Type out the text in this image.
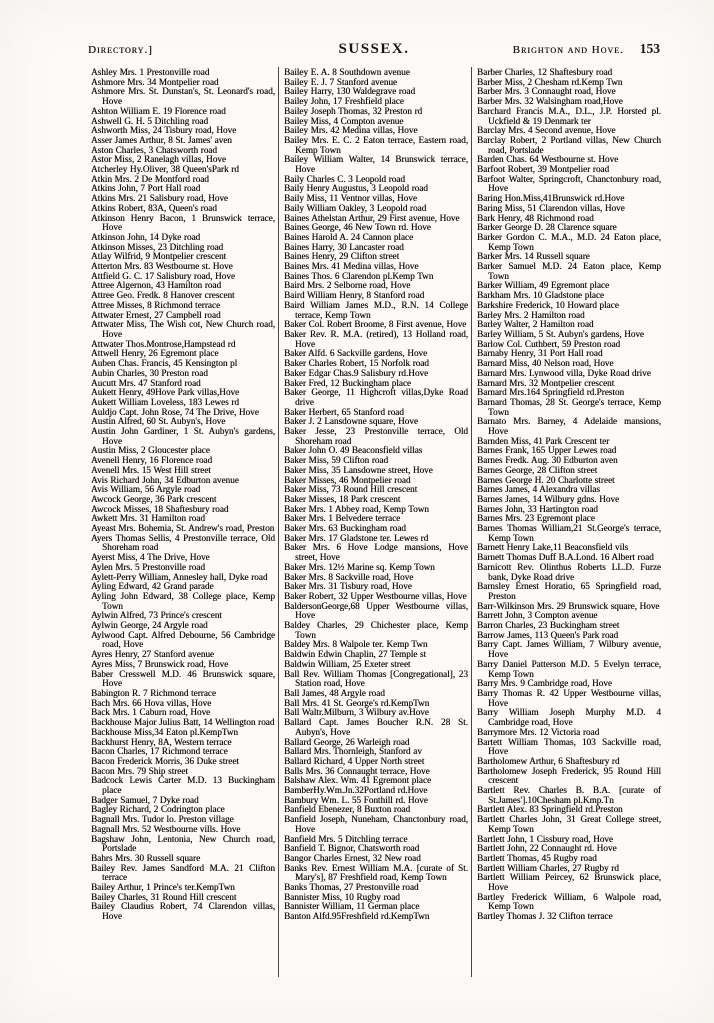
Directory.]	SUSSEX.	Brighton and Hove. 153
Ashley Mrs. 1 Prestonville road
Ashmore Mrs. 34 Montpelier road
Ashmore Mrs. St. Dunstan's, St. Leonard's road, Hove
Ashton William E. 19 Florence road
Ashwell G. H. 5 Ditchling road
Ashworth Miss, 24 Tisbury road, Hove
Asser James Arthur, 8 St. James' aven
Aston Charles, 3 Chatsworth road
Astor Miss, 2 Ranelagh villas, Hove
Atcherley Hy.Oliver, 38 Queen'sPark rd
Atkin Mrs. 2 De Montford road
Atkins John, 7 Port Hall road
Atkins Mrs. 21 Salisbury road, Hove
Atkins Robert, 83A, Queen's road
Atkinson Henry Bacon, 1 Brunswick terrace, Hove
Atkinson John, 14 Dyke road
Atkinson Misses, 23 Ditchling road
Atlay Wilfrid, 9 Montpelier crescent
Atterton Mrs. 83 Westbourne st. Hove
Attfield G. C. 17 Salisbury road, Hove
Attree Algernon, 43 Hamilton road
Attree Geo. Fredk. 8 Hanover crescent
Attree Misses, 8 Richmond terrace
Attwater Ernest, 27 Campbell road
Attwater Miss, The Wish cot, New Church road, Hove
Attwater Thos.Montrose,Hampstead rd
Attwell Henry, 26 Egremont place
Auben Chas. Francis, 45 Kensington pl
Aubin Charles, 30 Preston road
Aucutt Mrs. 47 Stanford road
Aukett Henry, 49Hove Park villas,Hove
Aukett William Loveless, 183 Lewes rd
Auldjo Capt. John Rose, 74 The Drive, Hove
Austin Alfred, 60 St. Aubyn's, Hove
Austin John Gardiner, 1 St. Aubyn's gardens, Hove
Austin Miss, 2 Gloucester place
Avenell Henry, 16 Florence road
Avenell Mrs. 15 West Hill street
Avis Richard John, 34 Edburton avenue
Avis William, 56 Argyle road
Awcock George, 36 Park crescent
Awcock Misses, 18 Shaftesbury road
Awkett Mrs. 31 Hamilton road
Ayeast Mrs. Bohemia, St. Andrew's road, Preston
Ayers Thomas Sellis, 4 Prestonville terrace, Old Shoreham road
Ayerst Miss, 4 The Drive, Hove
Aylen Mrs. 5 Prestonville road
Aylett-Perry William, Annesley hall, Dyke road
Ayling Edward, 42 Grand parade
Ayling John Edward, 38 College place, Kemp Town
Aylwin Alfred, 73 Prince's crescent
Aylwin George, 24 Argyle road
Aylwood Capt. Alfred Debourne, 56 Cambridge road, Hove
Ayres Henry, 27 Stanford avenue
Ayres Miss, 7 Brunswick road, Hove
Baber Cresswell M.D. 46 Brunswick square, Hove
Babington R. 7 Richmond terrace
Bach Mrs. 66 Hova villas, Hove
Back Mrs. 1 Caburn road, Hove
Backhouse Major Julius Batt, 14 Wellington road
Backhouse Miss,34 Eaton pl.KempTwn
Backhurst Henry, 8A, Western terrace
Bacon Charles, 17 Richmond terrace
Bacon Frederick Morris, 36 Duke street
Bacon Mrs. 79 Ship street
Badcock Lewis Carter M.D. 13 Buckingham place
Badger Samuel, 7 Dyke road
Bagley Richard, 2 Codrington place
Bagnall Mrs. Tudor lo. Preston village
Bagnall Mrs. 52 Westbourne vills. Hove
Bagshaw John, Lentonia, New Church road, Portslade
Bahrs Mrs. 30 Russell square
Bailey Rev. James Sandford M.A. 21 Clifton terrace
Bailey Arthur, 1 Prince's ter.KempTwn
Bailey Charles, 31 Round Hill crescent
Bailey Claudius Robert, 74 Clarendon villas, Hove
Bailey E. A. 8 Southdown avenue
Bailey E. J. 7 Stanford avenue
Bailey Harry, 130 Waldegrave road
Bailey John, 17 Freshfield place
Bailey Joseph Thomas, 32 Preston rd
Bailey Miss, 4 Compton avenue
Bailey Mrs. 42 Medina villas, Hove
Bailey Mrs. E. C. 2 Eaton terrace, Eastern road, Kemp Town
Bailey William Walter, 14 Brunswick terrace, Hove
Baily Charles C. 3 Leopold road
Baily Henry Augustus, 3 Leopold road
Baily Miss, 11 Ventnor villas, Hove
Baily William Oakley, 3 Leopold road
Baines Athelstan Arthur, 29 First avenue, Hove
Baines George, 46 New Town rd. Hove
Baines Harold A. 24 Cannon place
Baines Harry, 30 Lancaster road
Baines Henry, 29 Clifton street
Baines Mrs. 41 Medina villas, Hove
Baines Thos. 6 Clarendon pl.Kemp Twn
Baird Mrs. 2 Selborne road, Hove
Baird William Henry, 8 Stanford road
Baird William James M.D., R.N. 14 College terrace, Kemp Town
Baker Col. Robert Broome, 8 First avenue, Hove
Baker Rev. R. M.A. (retired), 13 Holland road, Hove
Baker Alfd. 6 Sackville gardens, Hove
Baker Charles Robert, 15 Norfolk road
Baker Edgar Chas.9 Salisbury rd.Hove
Baker Fred, 12 Buckingham place
Baker George, 11 Highcroft villas,Dyke Road drive
Baker Herbert, 65 Stanford road
Baker J. 2 Lansdowne square, Hove
Baker Jesse, 23 Prestonville terrace, Old Shoreham road
Baker John O. 49 Beaconsfield villas
Baker Miss, 59 Clifton road
Baker Miss, 35 Lansdowne street, Hove
Baker Misses, 46 Montpelier road
Baker Miss, 73 Round Hill crescent
Baker Misses, 18 Park crescent
Baker Mrs. 1 Abbey road, Kemp Town
Baker Mrs. 1 Belvedere terrace
Baker Mrs. 63 Buckingham road
Baker Mrs. 17 Gladstone ter. Lewes rd
Baker Mrs. 6 Hove Lodge mansions, Hove street, Hove
Baker Mrs. 12½ Marine sq. Kemp Town
Baker Mrs. 8 Sackville road, Hove
Baker Mrs. 31 Tisbury road, Hove
Baker Robert, 32 Upper Westbourne villas, Hove
BaldersonGeorge,68 Upper Westbourne villas, Hove
Baldey Charles, 29 Chichester place, Kemp Town
Baldey Mrs. 8 Walpole ter. Kemp Twn
Baldwin Edwin Chaplin, 27 Temple st
Baldwin William, 25 Exeter street
Ball Rev. William Thomas [Congregational], 23 Station road, Hove
Ball James, 48 Argyle road
Ball Mrs. 41 St. George's rd.KempTwn
Ball Waltr.Milburn, 3 Wilbury av.Hove
Ballard Capt. James Boucher R.N. 28 St. Aubyn's, Hove
Ballard George, 26 Warleigh road
Ballard Mrs. Thornleigh, Stanford av
Ballard Richard, 4 Upper North street
Balls Mrs. 36 Connaught terrace, Hove
Balshaw Alex. Wm. 41 Egremont place
BamberHy.Wm.Jn.32Portland rd.Hove
Bambury Wm. L. 55 Fonthill rd. Hove
Banfield Ebenezer, 8 Buxton road
Banfield Joseph, Nuneham, Chanctonbury road, Hove
Banfield Mrs. 5 Ditchling terrace
Banfield T. Bignor, Chatsworth road
Bangor Charles Ernest, 32 New road
Banks Rev. Ernest William M.A. [curate of St. Mary's], 87 Freshfield road, Kemp Town
Banks Thomas, 27 Prestonville road
Bannister Miss, 10 Rugby road
Bannister William, 11 German place
Banton Alfd.95Freshfield rd.KempTwn
Barber Charles, 12 Shaftesbury road
Barber Miss, 2 Chesham rd.Kemp Twn
Barber Mrs. 3 Connaught road, Hove
Barber Mrs. 32 Walsingham road,Hove
Barchard Francis M.A., D.L., J.P. Horsted pl. Uckfield & 19 Denmark ter
Barclay Mrs. 4 Second avenue, Hove
Barclay Robert, 2 Portland villas, New Church road, Portslade
Barden Chas. 64 Westbourne st. Hove
Barfoot Robert, 39 Montpelier road
Barfoot Walter, Springcroft, Chanctonbury road, Hove
Baring Hon.Miss,41Brunswick rd.Hove
Baring Miss, 51 Clarendon villas, Hove
Bark Henry, 48 Richmond road
Barker George D. 28 Clarence square
Barker Gordon C. M.A., M.D. 24 Eaton place, Kemp Town
Barker Mrs. 14 Russell square
Barker Samuel M.D. 24 Eaton place, Kemp Town
Barker William, 49 Egremont place
Barkham Mrs. 10 Gladstone place
Barkshire Frederick, 10 Howard place
Barley Mrs. 2 Hamilton road
Barley Walter, 2 Hamilton road
Barley William, 5 St. Aubyn's gardens, Hove
Barlow Col. Cuthbert, 59 Preston road
Barnaby Henry, 31 Port Hall road
Barnard Miss, 40 Nelson road, Hove
Barnard Mrs. Lynwood villa, Dyke Road drive
Barnard Mrs. 32 Montpelier crescent
Barnard Mrs.164 Springfield rd.Preston
Barnard Thomas, 28 St. George's terrace, Kemp Town
Barnato Mrs. Barney, 4 Adelaide mansions, Hove
Barnden Miss, 41 Park Crescent ter
Barnes Frank, 165 Upper Lewes road
Barnes Fredk. Aug. 30 Edburton aven
Barnes George, 28 Clifton street
Barnes George H. 20 Charlotte street
Barnes James, 4 Alexandra villas
Barnes James, 14 Wilbury gdns. Hove
Barnes John, 33 Hartington road
Barnes Mrs. 23 Egremont place
Barnes Thomas William,21 St.George's terrace, Kemp Town
Barnett Henry Lake,11 Beaconsfield vils
Barnett Thomas Duff B.A.Lond. 16 Albert road
Barnicott Rev. Olinthus Roberts LL.D. Furze bank, Dyke Road drive
Barnsley Ernest Horatio, 65 Springfield road, Preston
Barr-Wilkinson Mrs. 29 Brunswick square, Hove
Barrett John, 3 Compton avenue
Barron Charles, 23 Buckingham street
Barrow James, 113 Queen's Park road
Barry Capt. James William, 7 Wilbury avenue, Hove
Barry Daniel Patterson M.D. 5 Evelyn terrace, Kemp Town
Barry Mrs. 9 Cambridge road, Hove
Barry Thomas R. 42 Upper Westbourne villas, Hove
Barry William Joseph Murphy M.D. 4 Cambridge road, Hove
Barrymore Mrs. 12 Victoria road
Bartett William Thomas, 103 Sackville road, Hove
Bartholomew Arthur, 6 Shaftesbury rd
Bartholomew Joseph Frederick, 95 Round Hill crescent
Bartlett Rev. Charles B. B.A. [curate of St.James'].10Chesham pl.Kmp.Tn
Bartlett Alex. 83 Springfield rd.Preston
Bartlett Charles John, 31 Great College street, Kemp Town
Bartlett John, 1 Cissbury road, Hove
Bartlett John, 22 Connaught rd. Hove
Bartlett Thomas, 45 Rugby road
Bartlett William Charles, 27 Rugby rd
Bartlett William Peircey, 62 Brunswick place, Hove
Bartley Frederick William, 6 Walpole road, Kemp Town
Bartley Thomas J. 32 Clifton terrace
